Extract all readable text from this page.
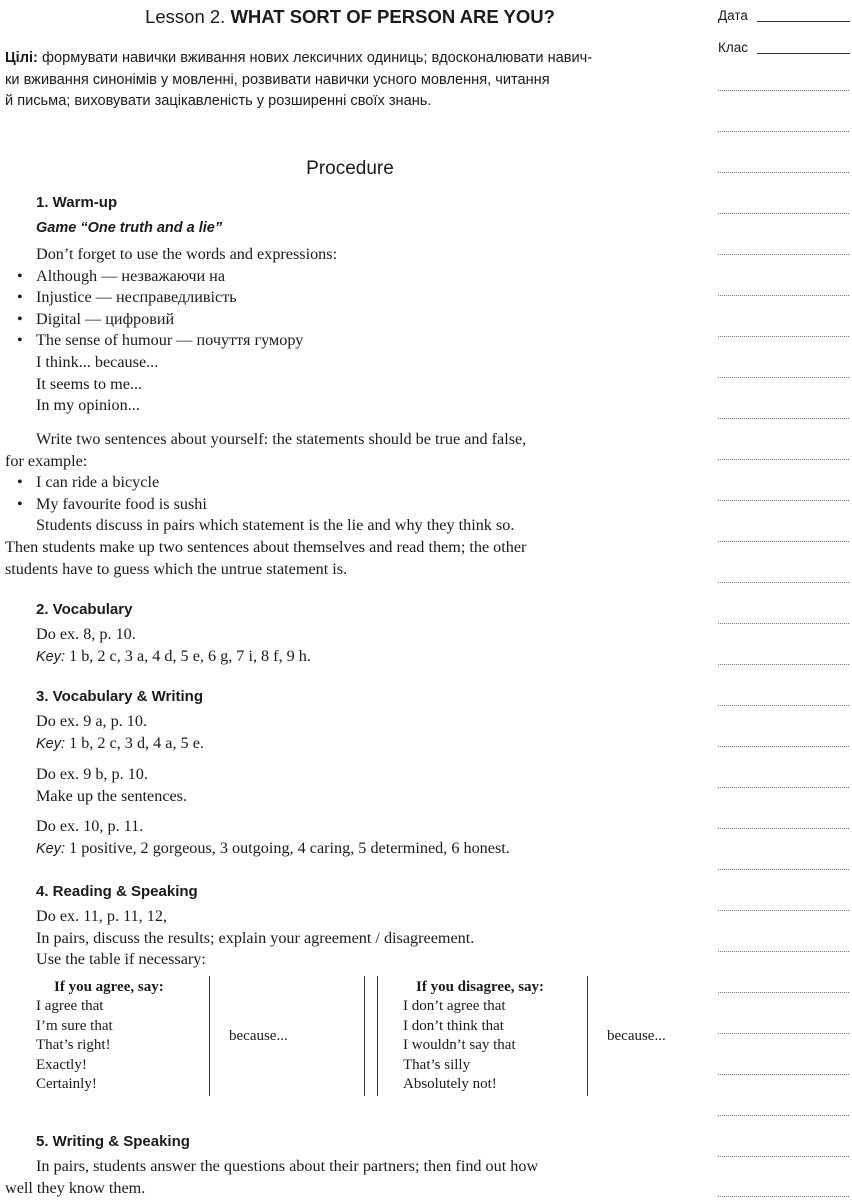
Lesson 2. WHAT SORT OF PERSON ARE YOU?	Дата
Клас
Цілі: формувати навички вживання нових лексичних одиниць; вдосконалювати навич-
ки вживання синонімів у мовленні, розвивати навички усного мовлення, читання
й письма; виховувати зацікавленість у розширенні своїх знань.
Procedure
1. Warm-up
Game “One truth and a lie”
Don’t forget to use the words and expressions:
• Although — незважаючи на
• Injustice — несправедливість
• Digital — цифровий
• The sense of humour — почуття гумору
I think... because...
It seems to me...
In my opinion...
Write two sentences about yourself: the statements should be true and false,
for example:
• I can ride a bicycle
• My favourite food is sushi
Students discuss in pairs which statement is the lie and why they think so.
Then students make up two sentences about themselves and read them; the other
students have to guess which the untrue statement is.
2. Vocabulary
Do ex. 8, p. 10.
Key: 1 b, 2 c, 3 a, 4 d, 5 e, 6 g, 7 i, 8 f, 9 h.
3. Vocabulary & Writing
Do ex. 9 a, p. 10.
Key: 1 b, 2 c, 3 d, 4 a, 5 e.
Do ex. 9 b, p. 10.
Make up the sentences.
Do ex. 10, p. 11.
Key: 1 positive, 2 gorgeous, 3 outgoing, 4 caring, 5 determined, 6 honest.
4. Reading & Speaking
Do ex. 11, p. 11, 12,
In pairs, discuss the results; explain your agreement / disagreement.
Use the table if necessary:
If you agree, say:
I agree that
I’m sure that
That’s right!
Exactly!
Certainly!
because...
If you disagree, say:
I don’t agree that
I don’t think that
I wouldn’t say that
That’s silly
Absolutely not!
because...
5. Writing & Speaking
In pairs, students answer the questions about their partners; then find out how
well they know them.
